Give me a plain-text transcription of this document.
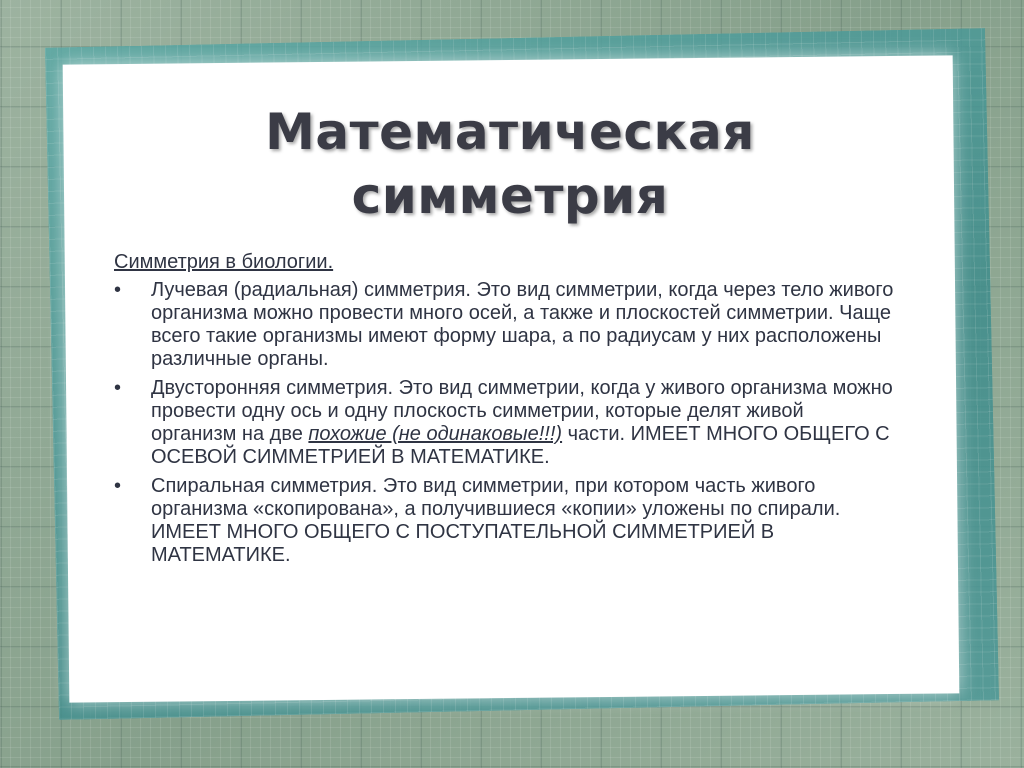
Математическая
симметрия
Симметрия в биологии.
• Лучевая (радиальная) симметрия. Это вид симметрии, когда через тело живого организма можно провести много осей, а также и плоскостей симметрии. Чаще всего такие организмы имеют форму шара, а по радиусам у них расположены различные органы.
• Двусторонняя симметрия. Это вид симметрии, когда у живого организма можно провести одну ось и одну плоскость симметрии, которые делят живой организм на две похожие (не одинаковые!!!) части. ИМЕЕТ МНОГО ОБЩЕГО С ОСЕВОЙ СИММЕТРИЕЙ В МАТЕМАТИКЕ.
• Спиральная симметрия. Это вид симметрии, при котором часть живого организма «скопирована», а получившиеся «копии» уложены по спирали. ИМЕЕТ МНОГО ОБЩЕГО С ПОСТУПАТЕЛЬНОЙ СИММЕТРИЕЙ В МАТЕМАТИКЕ.
